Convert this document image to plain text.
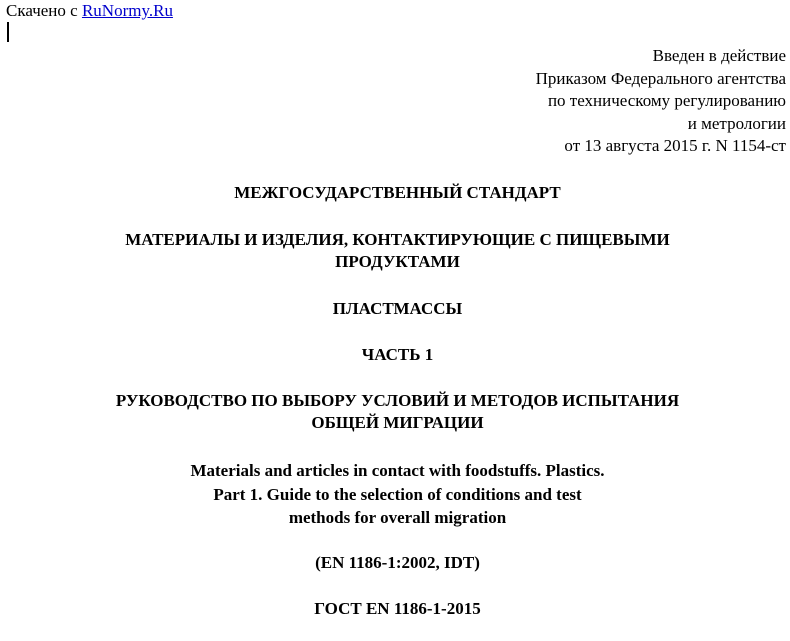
Скачено с RuNormy.Ru
Введен в действие
Приказом Федерального агентства
по техническому регулированию
и метрологии
от 13 августа 2015 г. N 1154-ст
МЕЖГОСУДАРСТВЕННЫЙ СТАНДАРТ
МАТЕРИАЛЫ И ИЗДЕЛИЯ, КОНТАКТИРУЮЩИЕ С ПИЩЕВЫМИ
ПРОДУКТАМИ
ПЛАСТМАССЫ
ЧАСТЬ 1
РУКОВОДСТВО ПО ВЫБОРУ УСЛОВИЙ И МЕТОДОВ ИСПЫТАНИЯ
ОБЩЕЙ МИГРАЦИИ
Materials and articles in contact with foodstuffs. Plastics.
Part 1. Guide to the selection of conditions and test
methods for overall migration
(EN 1186-1:2002, IDT)
ГОСТ EN 1186-1-2015
